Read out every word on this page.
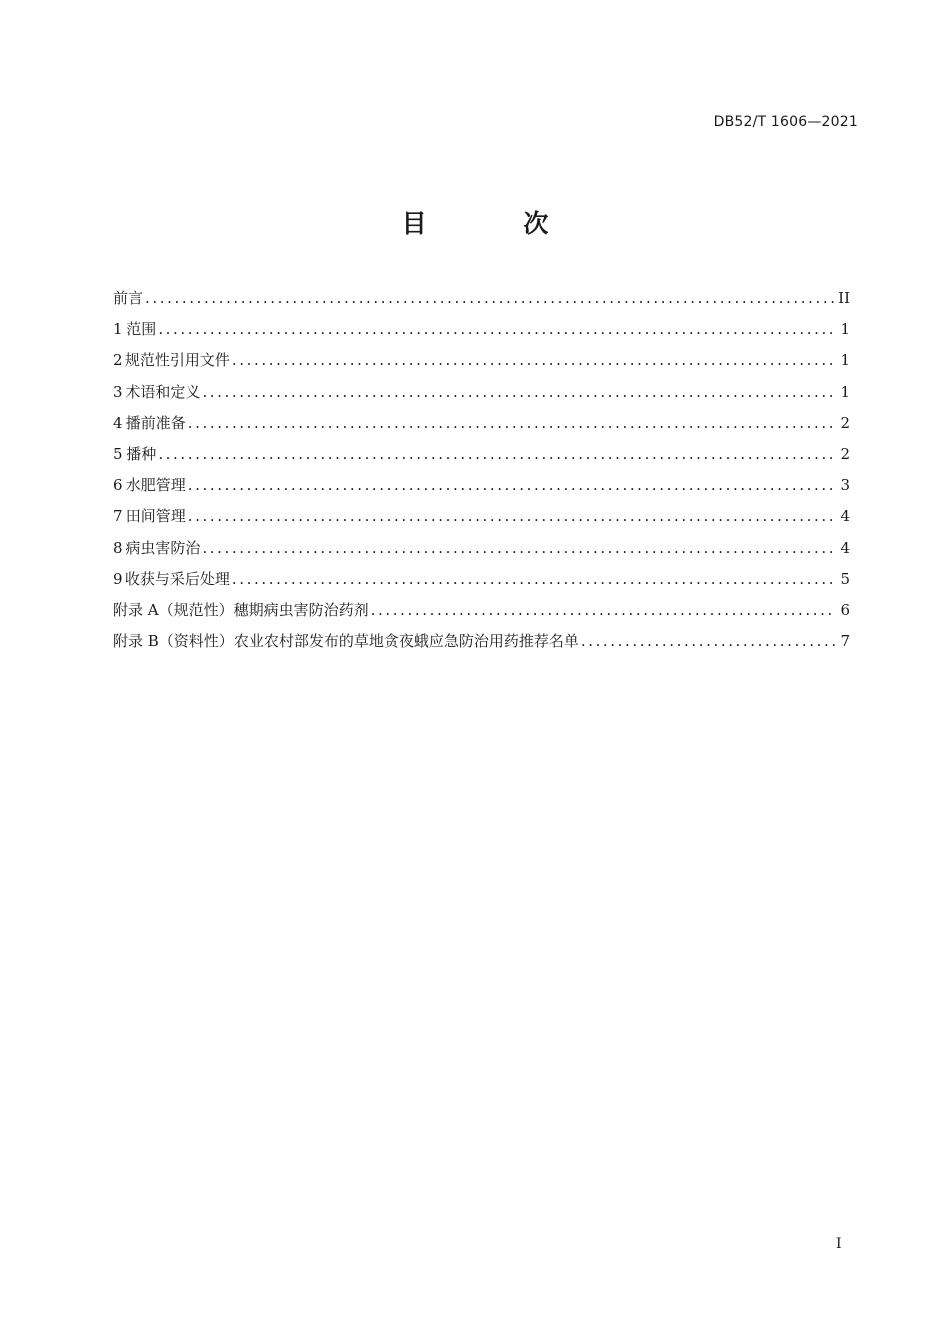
DB52/T 1606—2021
目 次
前言 .....	II
1 范围 .....	1
2 规范性引用文件 .....	1
3 术语和定义 .....	1
4 播前准备 .....	2
5 播种 .....	2
6 水肥管理 .....	3
7 田间管理 .....	4
8 病虫害防治 .....	4
9 收获与采后处理 .....	5
附录 A （规范性） 穗期病虫害防治药剂 .....	6
附录 B （资料性） 农业农村部发布的草地贪夜蛾应急防治用药推荐名单 .....	7
I
